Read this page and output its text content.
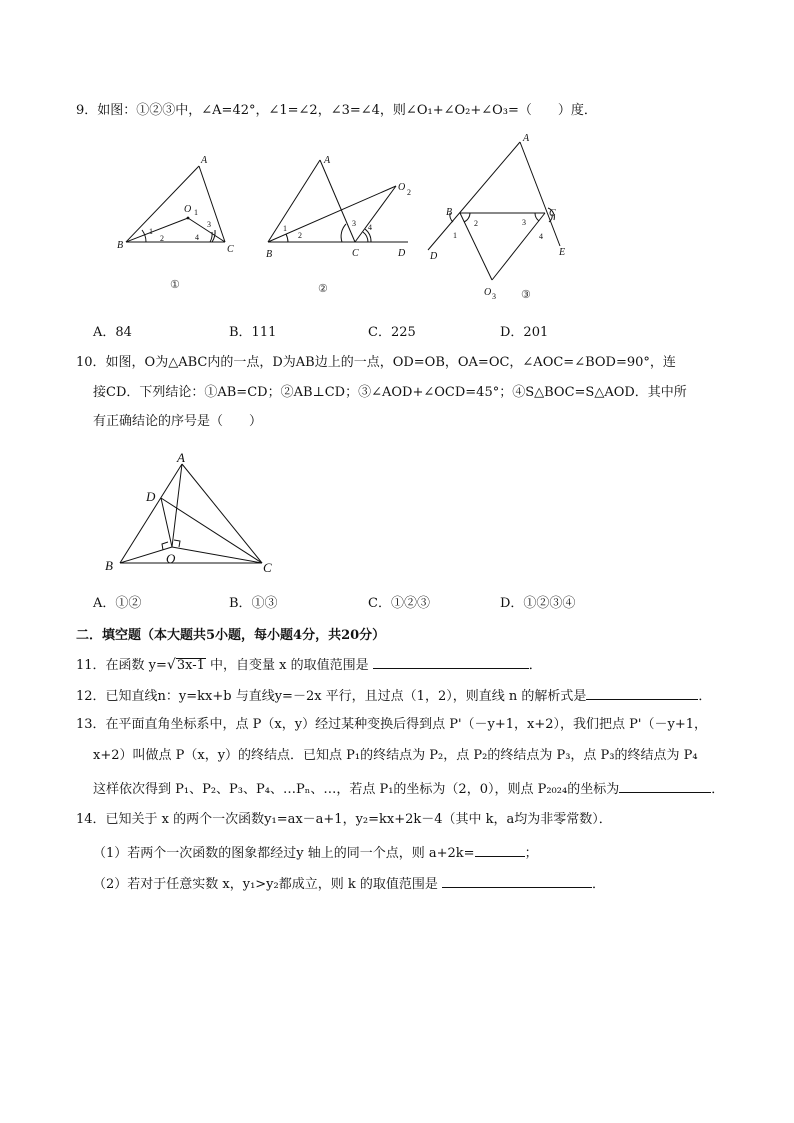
9．如图：①②③中，∠A=42°，∠1=∠2，∠3=∠4，则∠O₁+∠O₂+∠O₃=（　　）度．
A
B	C
O 1
1
2
3
4
①
A
B	C	D
O 2
1
2
3 4
②
A
B	C
D	E
O 3
1
2	3
4
③
A．84	B．111	C．225	D．201
10．如图，O为△ABC内的一点，D为AB边上的一点，OD=OB，OA=OC，∠AOC=∠BOD=90°，连
接CD．下列结论：①AB=CD；②AB⊥CD；③∠AOD+∠OCD=45°；④S△BOC=S△AOD．其中所
有正确结论的序号是（　　）
A
B	C
D
O
A．①②	B．①③	C．①②③	D．①②③④
二．填空题（本大题共5小题，每小题4分，共20分）
11．在函数 y=√3x-1 中，自变量 x 的取值范围是	．
12．已知直线n：y=kx+b 与直线y=－2x 平行，且过点（1，2），则直线 n 的解析式是	．
13．在平面直角坐标系中，点 P（x，y）经过某种变换后得到点 P'（－y+1，x+2），我们把点 P'（－y+1，
x+2）叫做点 P（x，y）的终结点．已知点 P₁的终结点为 P₂，点 P₂的终结点为 P₃，点 P₃的终结点为 P₄
这样依次得到 P₁、P₂、P₃、P₄、…Pₙ、…，若点 P₁的坐标为（2，0），则点 P₂₀₂₄的坐标为	．
14．已知关于 x 的两个一次函数y₁=ax－a+1，y₂=kx+2k－4（其中 k，a均为非零常数）．
（1）若两个一次函数的图象都经过y 轴上的同一个点，则 a+2k=	；
（2）若对于任意实数 x，y₁>y₂都成立，则 k 的取值范围是	．
